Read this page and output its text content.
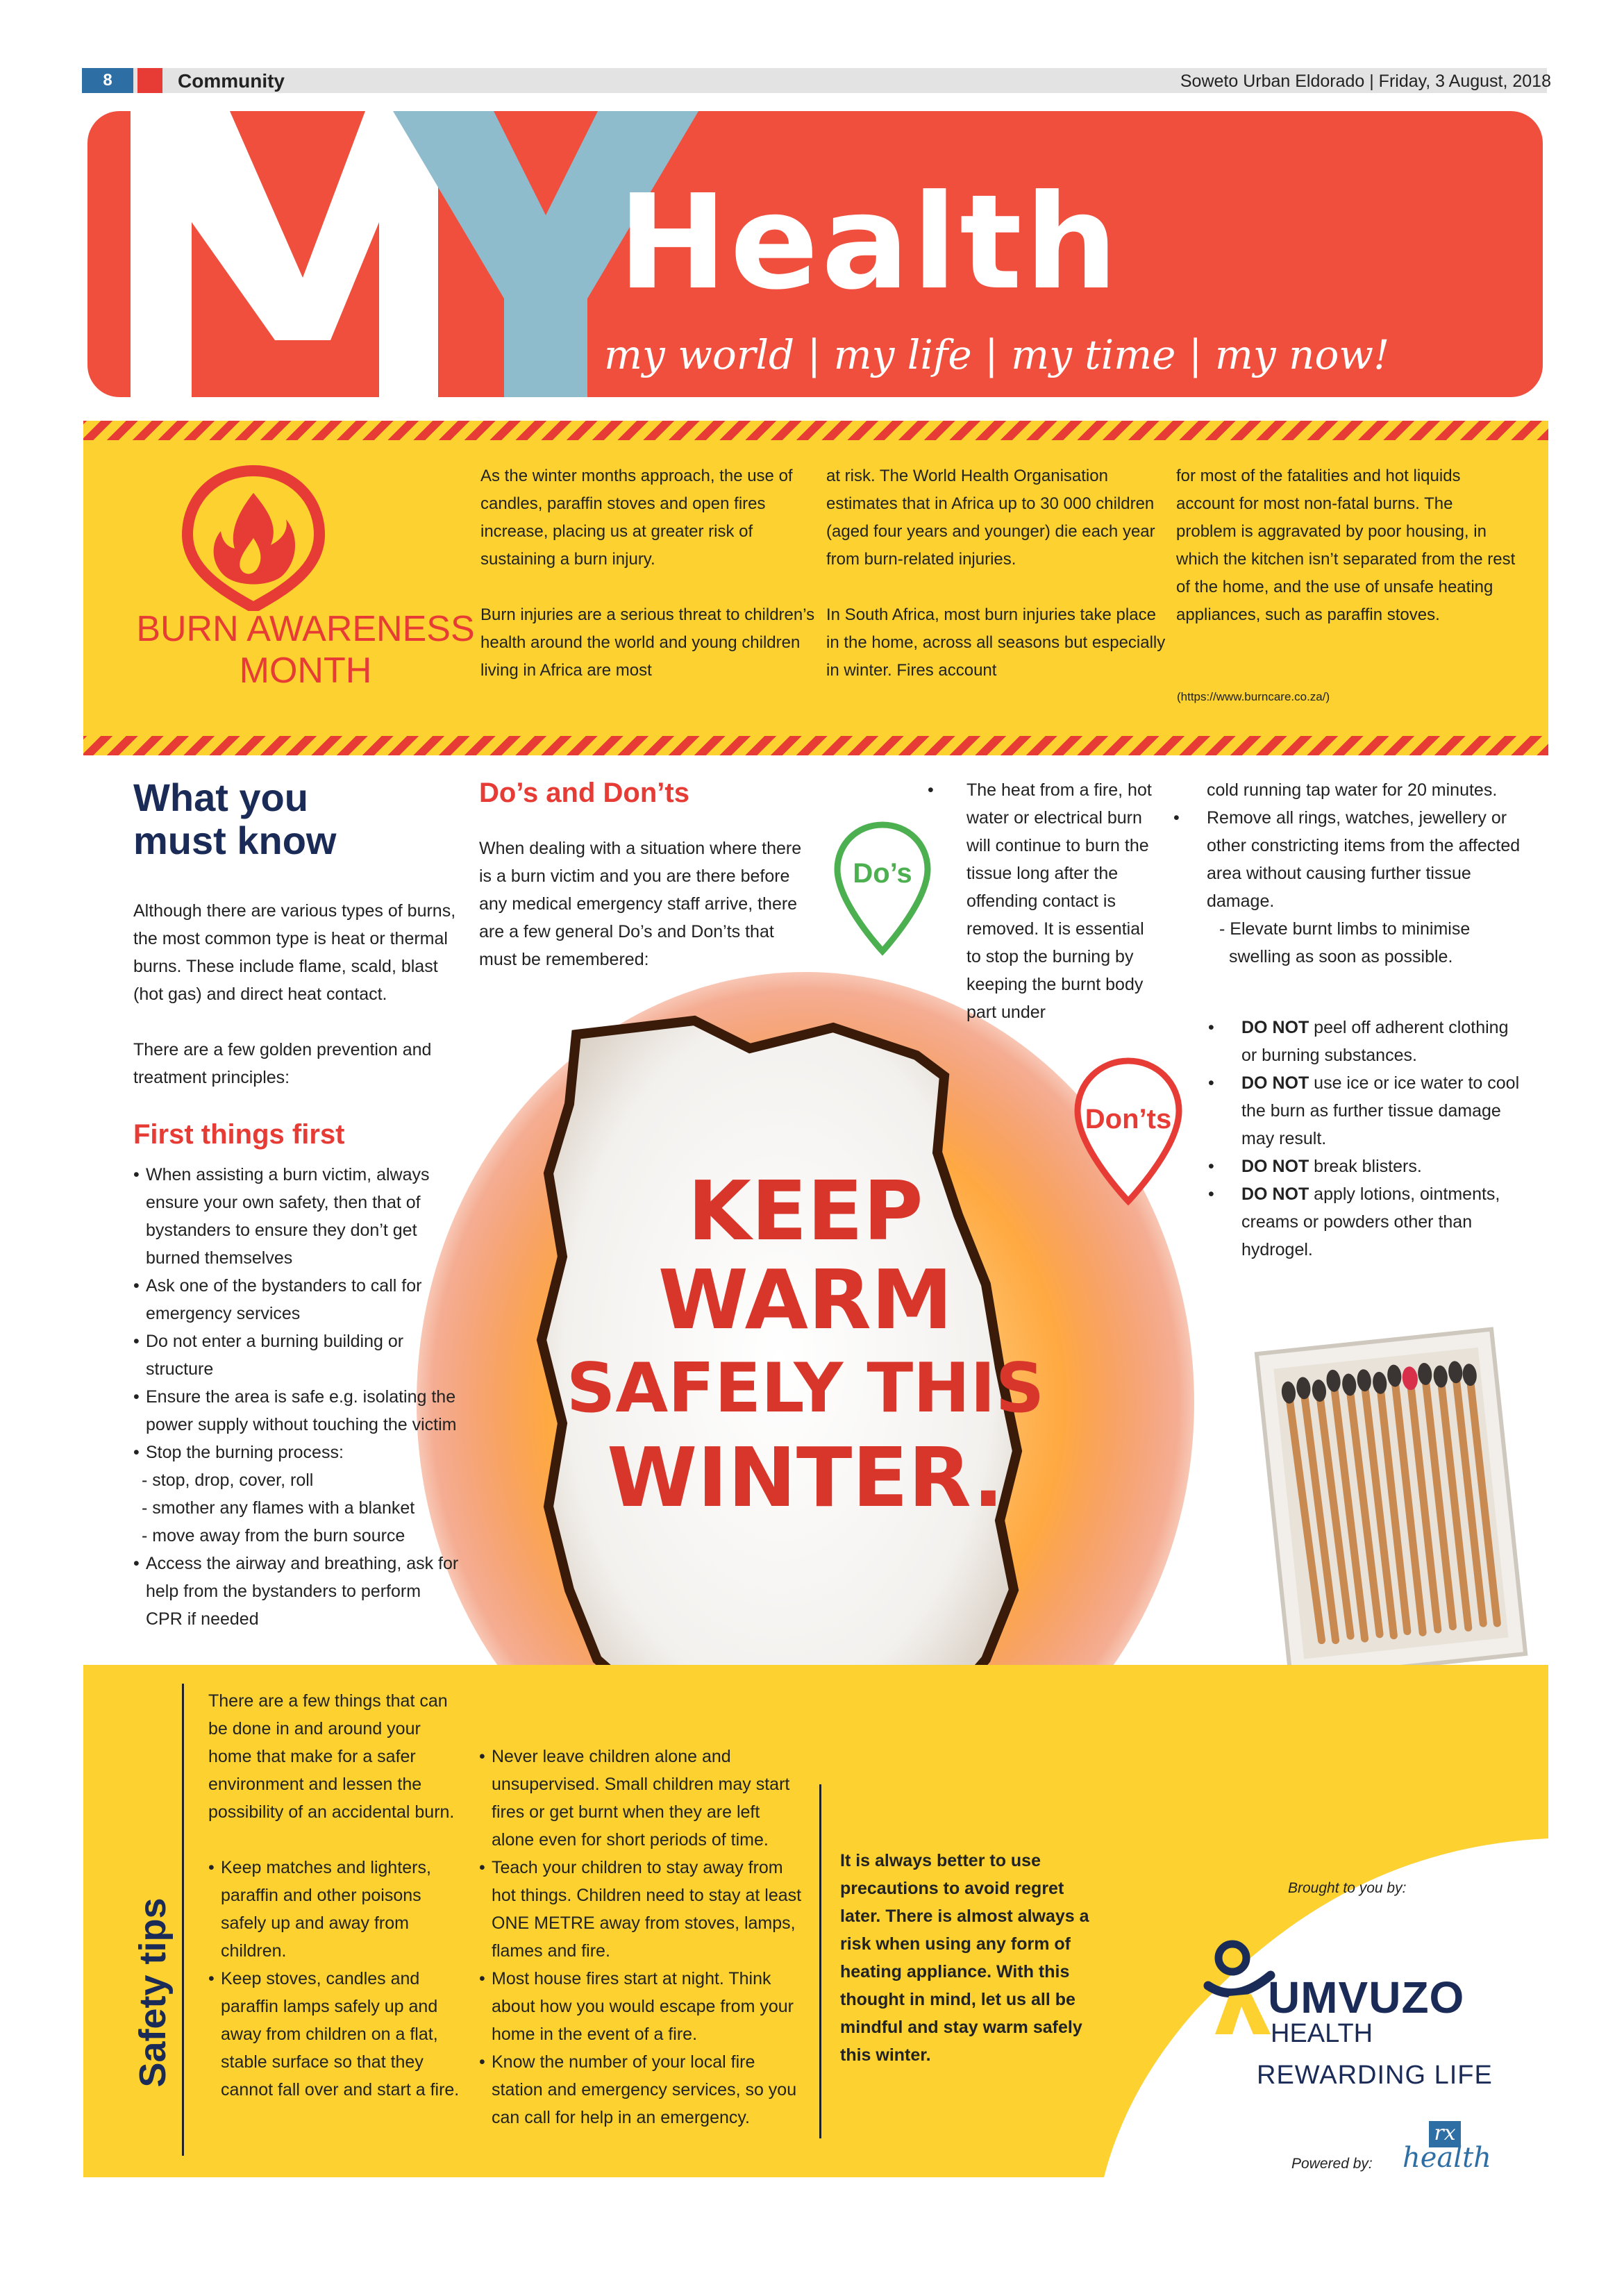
8	Community	Soweto Urban Eldorado | Friday, 3 August, 2018
Health
my world | my life | my time | my now!
BURN AWARENESS
MONTH

As the winter months approach, the use of candles, paraffin stoves and open fires increase, placing us at greater risk of sustaining a burn injury.

Burn injuries are a serious threat to children’s health around the world and young children living in Africa are most

at risk. The World Health Organisation estimates that in Africa up to 30 000 children (aged four years and younger) die each year from burn-related injuries.

In South Africa, most burn injuries take place in the home, across all seasons but especially in winter. Fires account

for most of the fatalities and hot liquids account for most non-fatal burns. The problem is aggravated by poor housing, in which the kitchen isn’t separated from the rest of the home, and the use of unsafe heating appliances, such as paraffin stoves.

(https://www.burncare.co.za/)
KEEP
WARM
SAFELY THIS
WINTER.
What you
must know
Although there are various types of burns, the most common type is heat or thermal burns. These include flame, scald, blast (hot gas) and direct heat contact.
There are a few golden prevention and treatment principles:
First things first
• When assisting a burn victim, always ensure your own safety, then that of bystanders to ensure they don’t get burned themselves
• Ask one of the bystanders to call for emergency services
• Do not enter a burning building or structure
• Ensure the area is safe e.g. isolating the power supply without touching the victim
• Stop the burning process:
- stop, drop, cover, roll
- smother any flames with a blanket
- move away from the burn source
• Access the airway and breathing, ask for help from the bystanders to perform CPR if needed
Do’s and Don’ts
When dealing with a situation where there is a burn victim and you are there before any medical emergency staff arrive, there are a few general Do’s and Don’ts that must be remembered:
Do’s
Don’ts
• The heat from a fire, hot water or electrical burn will continue to burn the tissue long after the offending contact is removed. It is essential to stop the burning by keeping the burnt body part under
cold running tap water for 20 minutes.
• Remove all rings, watches, jewellery or other constricting items from the affected area without causing further tissue damage.
- Elevate burnt limbs to minimise swelling as soon as possible.
• DO NOT peel off adherent clothing or burning substances.
• DO NOT use ice or ice water to cool the burn as further tissue damage may result.
• DO NOT break blisters.
• DO NOT apply lotions, ointments, creams or powders other than hydrogel.
Safety tips
There are a few things that can be done in and around your home that make for a safer environment and lessen the possibility of an accidental burn.
• Keep matches and lighters, paraffin and other poisons safely up and away from children.
• Keep stoves, candles and paraffin lamps safely up and away from children on a flat, stable surface so that they cannot fall over and start a fire.
• Never leave children alone and unsupervised. Small children may start fires or get burnt when they are left alone even for short periods of time.
• Teach your children to stay away from hot things. Children need to stay at least ONE METRE away from stoves, lamps, flames and fire.
• Most house fires start at night. Think about how you would escape from your home in the event of a fire.
• Know the number of your local fire station and emergency services, so you can call for help in an emergency.
It is always better to use precautions to avoid regret later. There is almost always a risk when using any form of heating appliance. With this thought in mind, let us all be mindful and stay warm safely this winter.
Brought to you by:
UMVUZO
HEALTH
REWARDING LIFE
Powered by:
rx
health
